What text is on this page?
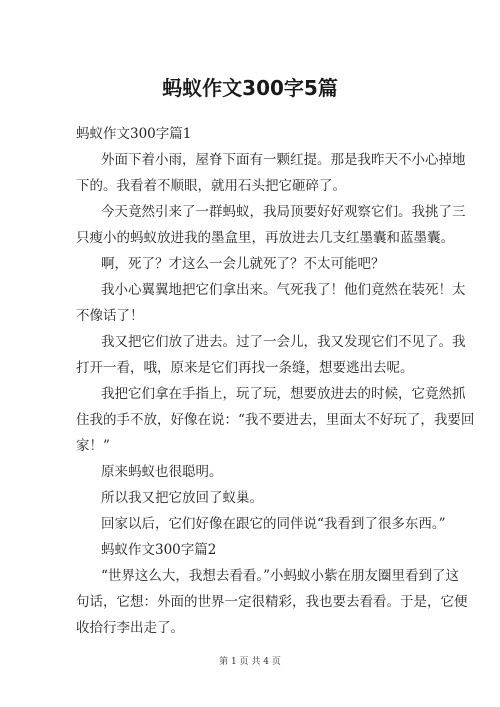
蚂蚁作文300字5篇
蚂蚁作文300字篇1
外面下着小雨，屋脊下面有一颗红提。那是我昨天不小心掉地
下的。我看着不顺眼，就用石头把它砸碎了。
今天竟然引来了一群蚂蚁，我局顶要好好观察它们。我挑了三
只瘦小的蚂蚁放进我的墨盒里，再放进去几支红墨囊和蓝墨囊。
啊，死了？才这么一会儿就死了？不太可能吧？
我小心翼翼地把它们拿出来。气死我了！他们竟然在装死！太
不像话了！
我又把它们放了进去。过了一会儿，我又发现它们不见了。我
打开一看，哦，原来是它们再找一条缝，想要逃出去呢。
我把它们拿在手指上，玩了玩，想要放进去的时候，它竟然抓
住我的手不放，好像在说：“我不要进去，里面太不好玩了，我要回
家！”
原来蚂蚁也很聪明。
所以我又把它放回了蚁巢。
回家以后，它们好像在跟它的同伴说“我看到了很多东西。”
蚂蚁作文300字篇2
“世界这么大，我想去看看。”小蚂蚁小紫在朋友圈里看到了这
句话，它想：外面的世界一定很精彩，我也要去看看。于是，它便
收拾行李出走了。
第 1 页 共 4 页
